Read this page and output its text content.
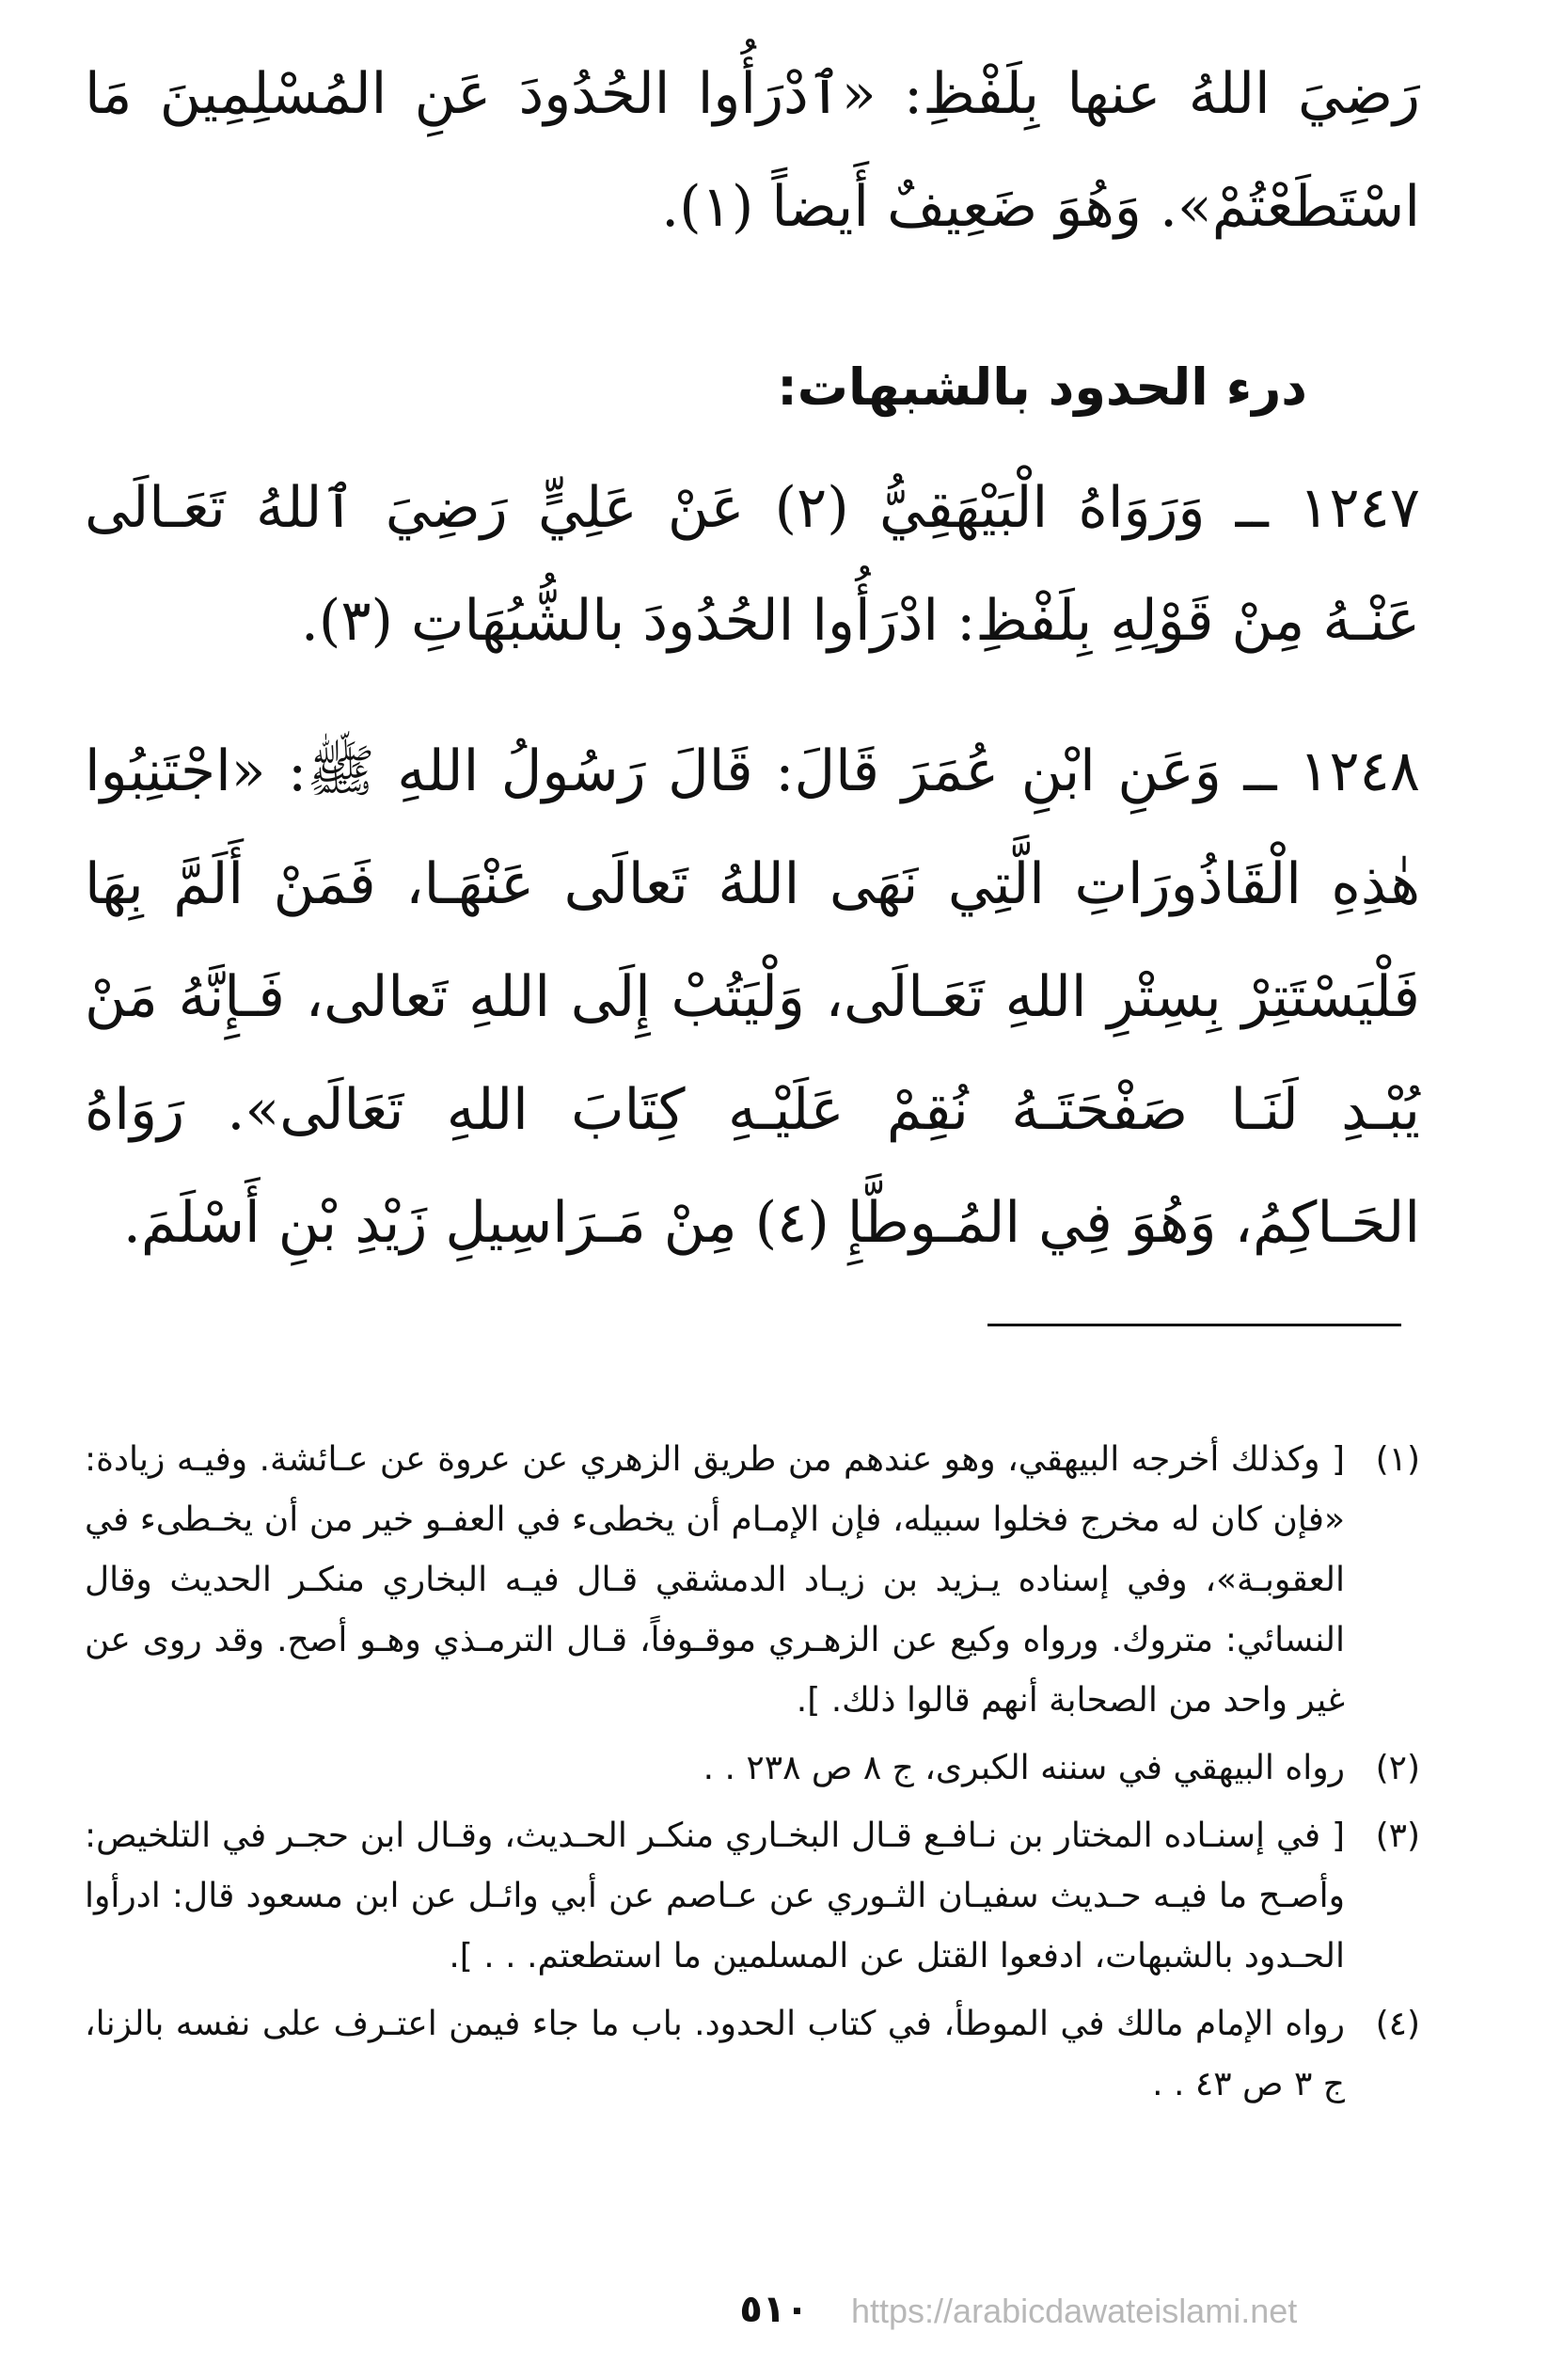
رَضِيَ اللهُ عنها بِلَفْظِ: «ٱدْرَأُوا الحُدُودَ عَنِ المُسْلِمِينَ مَا اسْتَطَعْتُمْ». وَهُوَ ضَعِيفٌ أَيضاً (١).
درء الحدود بالشبهات:
١٢٤٧ ــ وَرَوَاهُ الْبَيْهَقِيُّ (٢) عَنْ عَلِيٍّ رَضِيَ ٱللهُ تَعَـالَى عَنْـهُ مِنْ قَوْلِهِ بِلَفْظِ: ادْرَأُوا الحُدُودَ بالشُّبُهَاتِ (٣).
١٢٤٨ ــ وَعَنِ ابْنِ عُمَرَ قَالَ: قَالَ رَسُولُ اللهِ ﷺ: «اجْتَنِبُوا هٰذِهِ الْقَاذُورَاتِ الَّتِي نَهَى اللهُ تَعالَى عَنْهَـا، فَمَنْ أَلَمَّ بِهَا فَلْيَسْتَتِرْ بِسِتْرِ اللهِ تَعَـالَى، وَلْيَتُبْ إِلَى اللهِ تَعالى، فَـإِنَّهُ مَنْ يُبْـدِ لَنَـا صَفْحَتَـهُ نُقِمْ عَلَيْـهِ كِتَابَ اللهِ تَعَالَى». رَوَاهُ الحَـاكِمُ، وَهُوَ فِي المُـوطَّإِ (٤) مِنْ مَـرَاسِيلِ زَيْدِ بْنِ أَسْلَمَ.
(١)
[ وكذلك أخرجه البيهقي، وهو عندهم من طريق الزهري عن عروة عن عـائشة. وفيـه زيادة: «فإن كان له مخرج فخلوا سبيله، فإن الإمـام أن يخطىء في العفـو خير من أن يخـطىء في العقوبـة»، وفي إسناده يـزيد بن زيـاد الدمشقي قـال فيـه البخاري منكـر الحديث وقال النسائي: متروك. ورواه وكيع عن الزهـري موقـوفاً، قـال الترمـذي وهـو أصح. وقد روى عن غير واحد من الصحابة أنهم قالوا ذلك. ].
(٢)
رواه البيهقي في سننه الكبرى، ج ٨ ص ٢٣٨ . .
(٣)
[ في إسنـاده المختار بن نـافـع قـال البخـاري منكـر الحـديث، وقـال ابن حجـر في التلخيص: وأصـح ما فيـه حـديث سفيـان الثـوري عن عـاصم عن أبي وائـل عن ابن مسعود قال: ادرأوا الحـدود بالشبهات، ادفعوا القتل عن المسلمين ما استطعتم. . . ].
(٤)
رواه الإمام مالك في الموطأ، في كتاب الحدود. باب ما جاء فيمن اعتـرف على نفسه بالزنا، ج ٣ ص ٤٣ . .
٥١٠	https://arabicdawateislami.net
